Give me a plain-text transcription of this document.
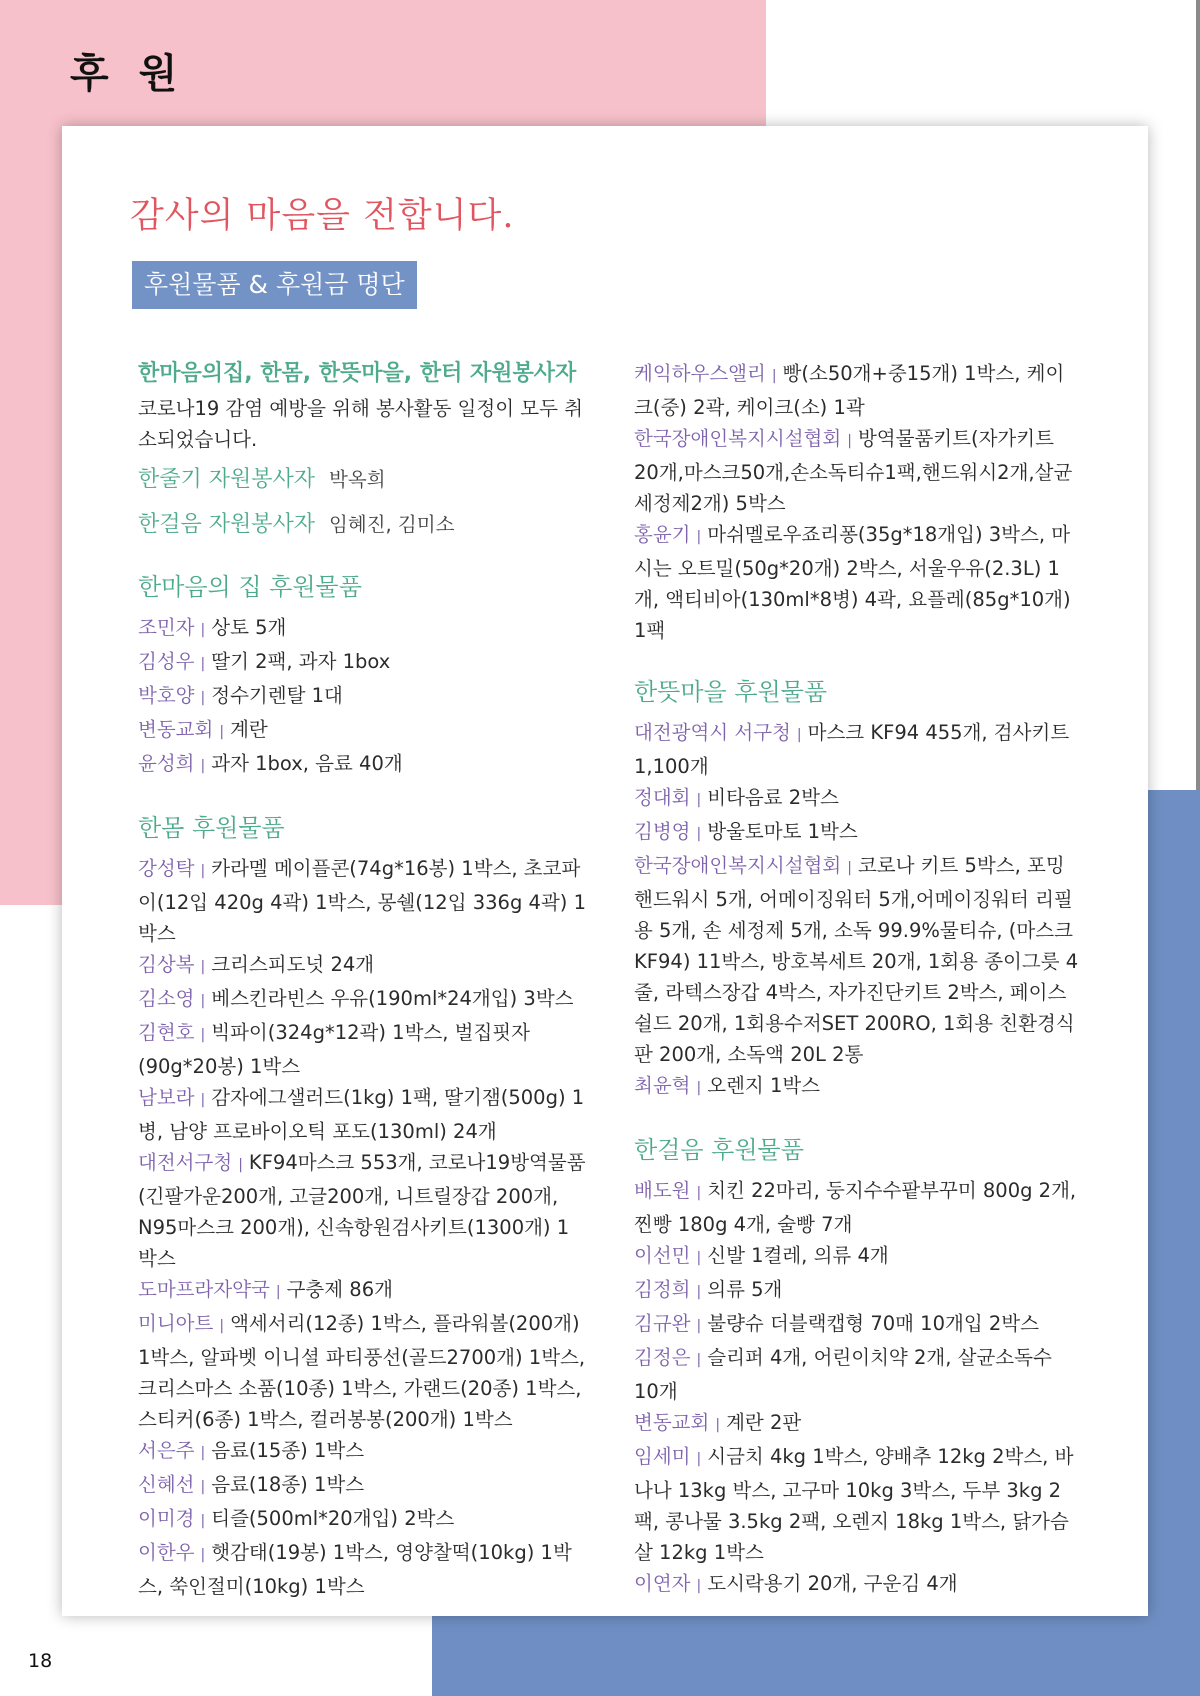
후 원
감사의 마음을 전합니다.
후원물품 & 후원금 명단
한마음의집, 한몸, 한뜻마을, 한터 자원봉사자

코로나19 감염 예방을 위해 봉사활동 일정이 모두 취소되었습니다.

한줄기 자원봉사자 박옥희
한걸음 자원봉사자 임혜진, 김미소
한마음의 집 후원물품

조민자 | 상토 5개

김성우 | 딸기 2팩, 과자 1box

박호양 | 정수기렌탈 1대

변동교회 | 계란

윤성희 | 과자 1box, 음료 40개

한몸 후원물품

강성탁 | 카라멜 메이플콘(74g*16봉) 1박스, 초코파이(12입 420g 4곽) 1박스, 몽쉘(12입 336g 4곽) 1박스

김상복 | 크리스피도넛 24개

김소영 | 베스킨라빈스 우유(190ml*24개입) 3박스

김현호 | 빅파이(324g*12곽) 1박스, 벌집핏자(90g*20봉) 1박스

남보라 | 감자에그샐러드(1kg) 1팩, 딸기잼(500g) 1병, 남양 프로바이오틱 포도(130ml) 24개

대전서구청 | KF94마스크 553개, 코로나19방역물품(긴팔가운200개, 고글200개, 니트릴장갑 200개, N95마스크 200개), 신속항원검사키트(1300개) 1박스

도마프라자약국 | 구충제 86개

미니아트 | 액세서리(12종) 1박스, 플라워볼(200개) 1박스, 알파벳 이니셜 파티풍선(골드2700개) 1박스, 크리스마스 소품(10종) 1박스, 가랜드(20종) 1박스, 스티커(6종) 1박스, 컬러봉봉(200개) 1박스

서은주 | 음료(15종) 1박스

신혜선 | 음료(18종) 1박스

이미경 | 티즐(500ml*20개입) 2박스

이한우 | 햇감태(19봉) 1박스, 영양찰떡(10kg) 1박스, 쑥인절미(10kg) 1박스

케익하우스앨리 | 빵(소50개+중15개) 1박스, 케이크(중) 2곽, 케이크(소) 1곽

한국장애인복지시설협회 | 방역물품키트(자가키트 20개,마스크50개,손소독티슈1팩,핸드워시2개,살균세정제2개) 5박스

홍윤기 | 마쉬멜로우죠리퐁(35g*18개입) 3박스, 마시는 오트밀(50g*20개) 2박스, 서울우유(2.3L) 1개, 액티비아(130ml*8병) 4곽, 요플레(85g*10개) 1팩

한뜻마을 후원물품

대전광역시 서구청 | 마스크 KF94 455개, 검사키트 1,100개

정대회 | 비타음료 2박스

김병영 | 방울토마토 1박스

한국장애인복지시설협회 | 코로나 키트 5박스, 포밍핸드워시 5개, 어메이징워터 5개,어메이징워터 리필용 5개, 손 세정제 5개, 소독 99.9%물티슈, (마스크 KF94) 11박스, 방호복세트 20개, 1회용 종이그릇 4줄, 라텍스장갑 4박스, 자가진단키트 2박스, 페이스쉴드 20개, 1회용수저SET 200RO, 1회용 친환경식판 200개, 소독액 20L 2통

최윤혁 | 오렌지 1박스

한걸음 후원물품

배도원 | 치킨 22마리, 둥지수수팥부꾸미 800g 2개, 찐빵 180g 4개, 술빵 7개

이선민 | 신발 1켤레, 의류 4개

김정희 | 의류 5개

김규완 | 불량슈 더블랙캡형 70매 10개입 2박스

김정은 | 슬리퍼 4개, 어린이치약 2개, 살균소독수 10개

변동교회 | 계란 2판

임세미 | 시금치 4kg 1박스, 양배추 12kg 2박스, 바나나 13kg 박스, 고구마 10kg 3박스, 두부 3kg 2팩, 콩나물 3.5kg 2팩, 오렌지 18kg 1박스, 닭가슴살 12kg 1박스

이연자 | 도시락용기 20개, 구운김 4개

18
